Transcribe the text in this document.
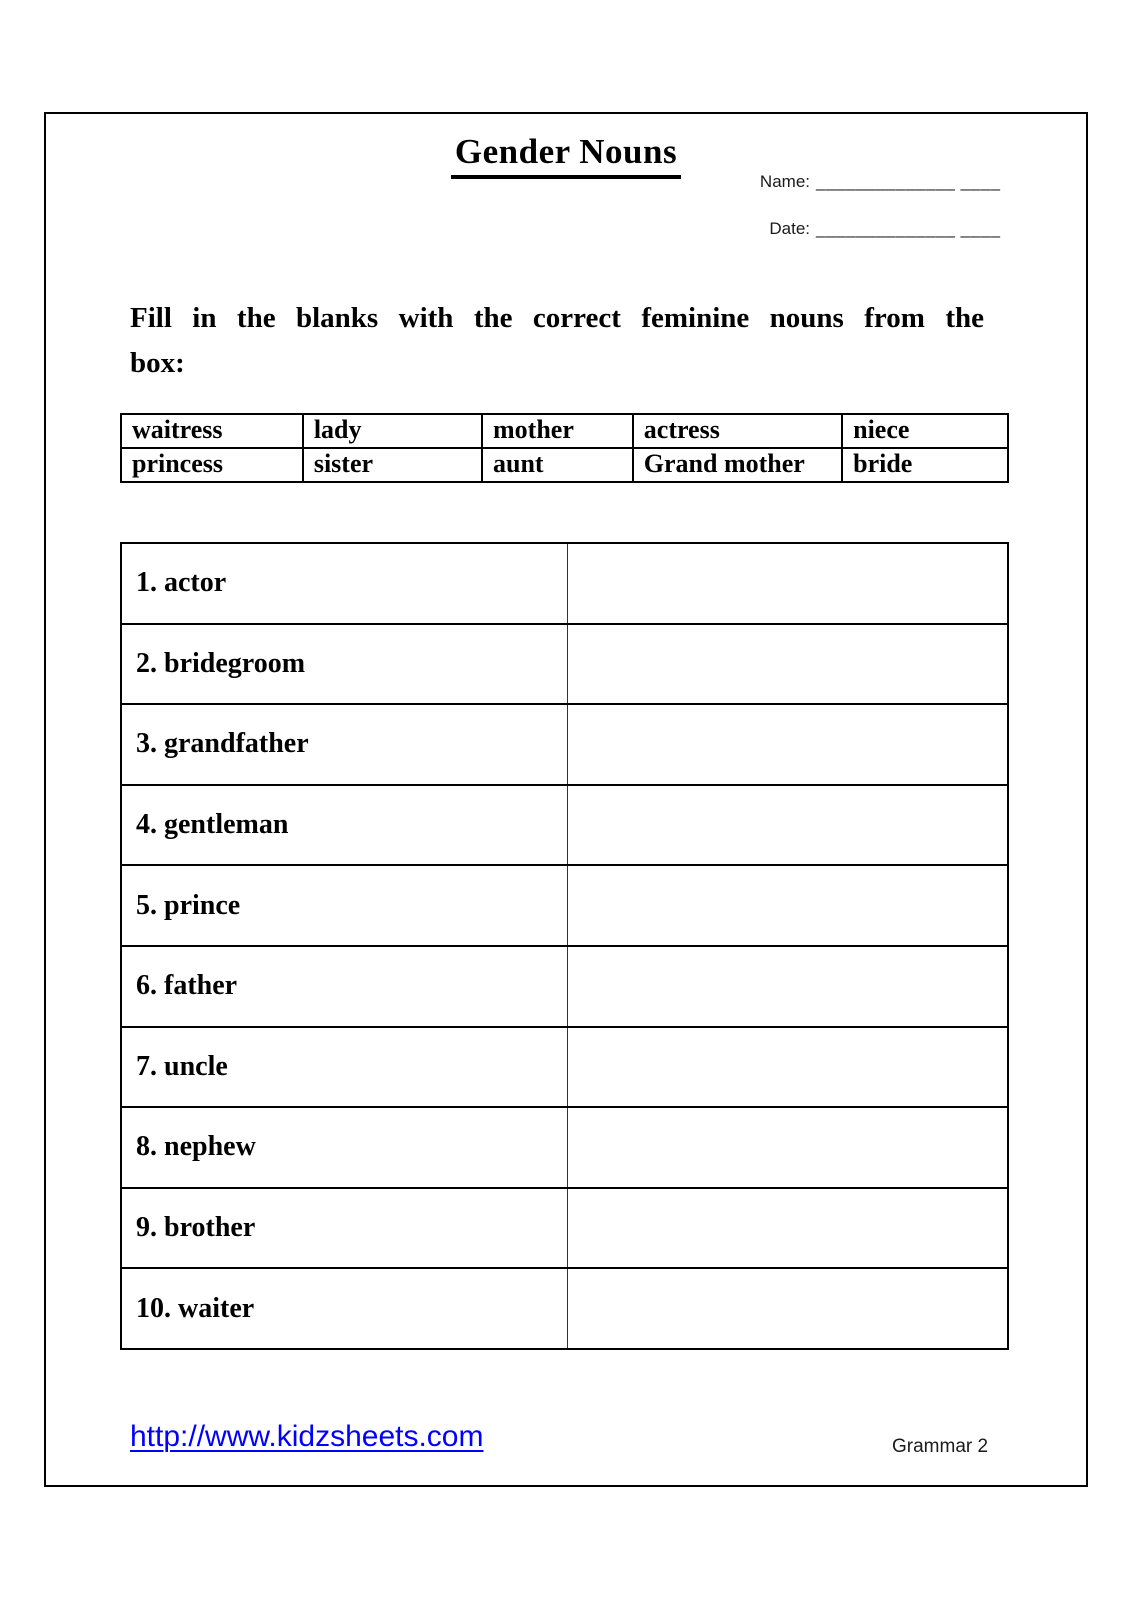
Gender Nouns
Name: ______________ ____
Date: ______________ ____
Fill in the blanks with the correct feminine nouns from the
box:
waitress	lady	mother	actress	niece
princess	sister	aunt	Grand mother	bride
1. actor	
2. bridegroom	
3. grandfather	
4. gentleman	
5. prince	
6. father	
7. uncle	
8. nephew	
9. brother	
10. waiter	
http://www.kidzsheets.com	Grammar 2
